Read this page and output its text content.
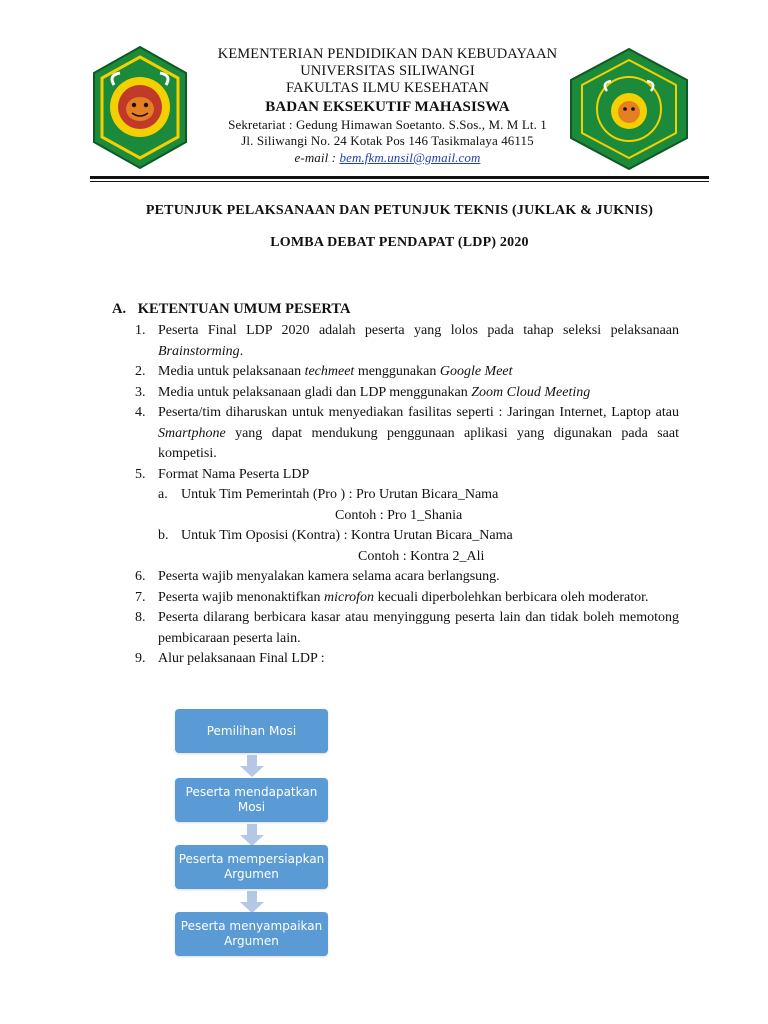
KEMENTERIAN PENDIDIKAN DAN KEBUDAYAAN
UNIVERSITAS SILIWANGI
FAKULTAS ILMU KESEHATAN
BADAN EKSEKUTIF MAHASISWA
Sekretariat : Gedung Himawan Soetanto. S.Sos., M. M Lt. 1
Jl. Siliwangi No. 24 Kotak Pos 146 Tasikmalaya 46115
e-mail : bem.fkm.unsil@gmail.com
PETUNJUK PELAKSANAAN DAN PETUNJUK TEKNIS (JUKLAK & JUKNIS)
LOMBA DEBAT PENDAPAT (LDP) 2020
A. KETENTUAN UMUM PESERTA
1. Peserta Final LDP 2020 adalah peserta yang lolos pada tahap seleksi pelaksanaan Brainstorming.
2. Media untuk pelaksanaan techmeet menggunakan Google Meet
3. Media untuk pelaksanaan gladi dan LDP menggunakan Zoom Cloud Meeting
4. Peserta/tim diharuskan untuk menyediakan fasilitas seperti : Jaringan Internet, Laptop atau Smartphone yang dapat mendukung penggunaan aplikasi yang digunakan pada saat kompetisi.
5. Format Nama Peserta LDP
a. Untuk Tim Pemerintah (Pro ) : Pro Urutan Bicara_Nama
Contoh : Pro 1_Shania
b. Untuk Tim Oposisi (Kontra) : Kontra Urutan Bicara_Nama
Contoh : Kontra 2_Ali
6. Peserta wajib menyalakan kamera selama acara berlangsung.
7. Peserta wajib menonaktifkan microfon kecuali diperbolehkan berbicara oleh moderator.
8. Peserta dilarang berbicara kasar atau menyinggung peserta lain dan tidak boleh memotong pembicaraan peserta lain.
9. Alur pelaksanaan Final LDP :
Pemilihan Mosi
Peserta mendapatkan Mosi
Peserta mempersiapkan Argumen
Peserta menyampaikan Argumen
